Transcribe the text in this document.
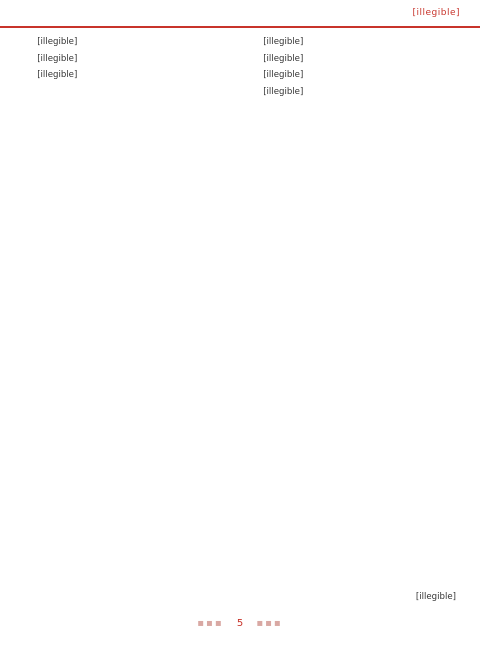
[illegible]

[illegible]

[illegible]

[illegible]

[illegible]

[illegible]

[illegible]

[illegible]

[illegible]
▪▪▪ 5 ▪▪▪
